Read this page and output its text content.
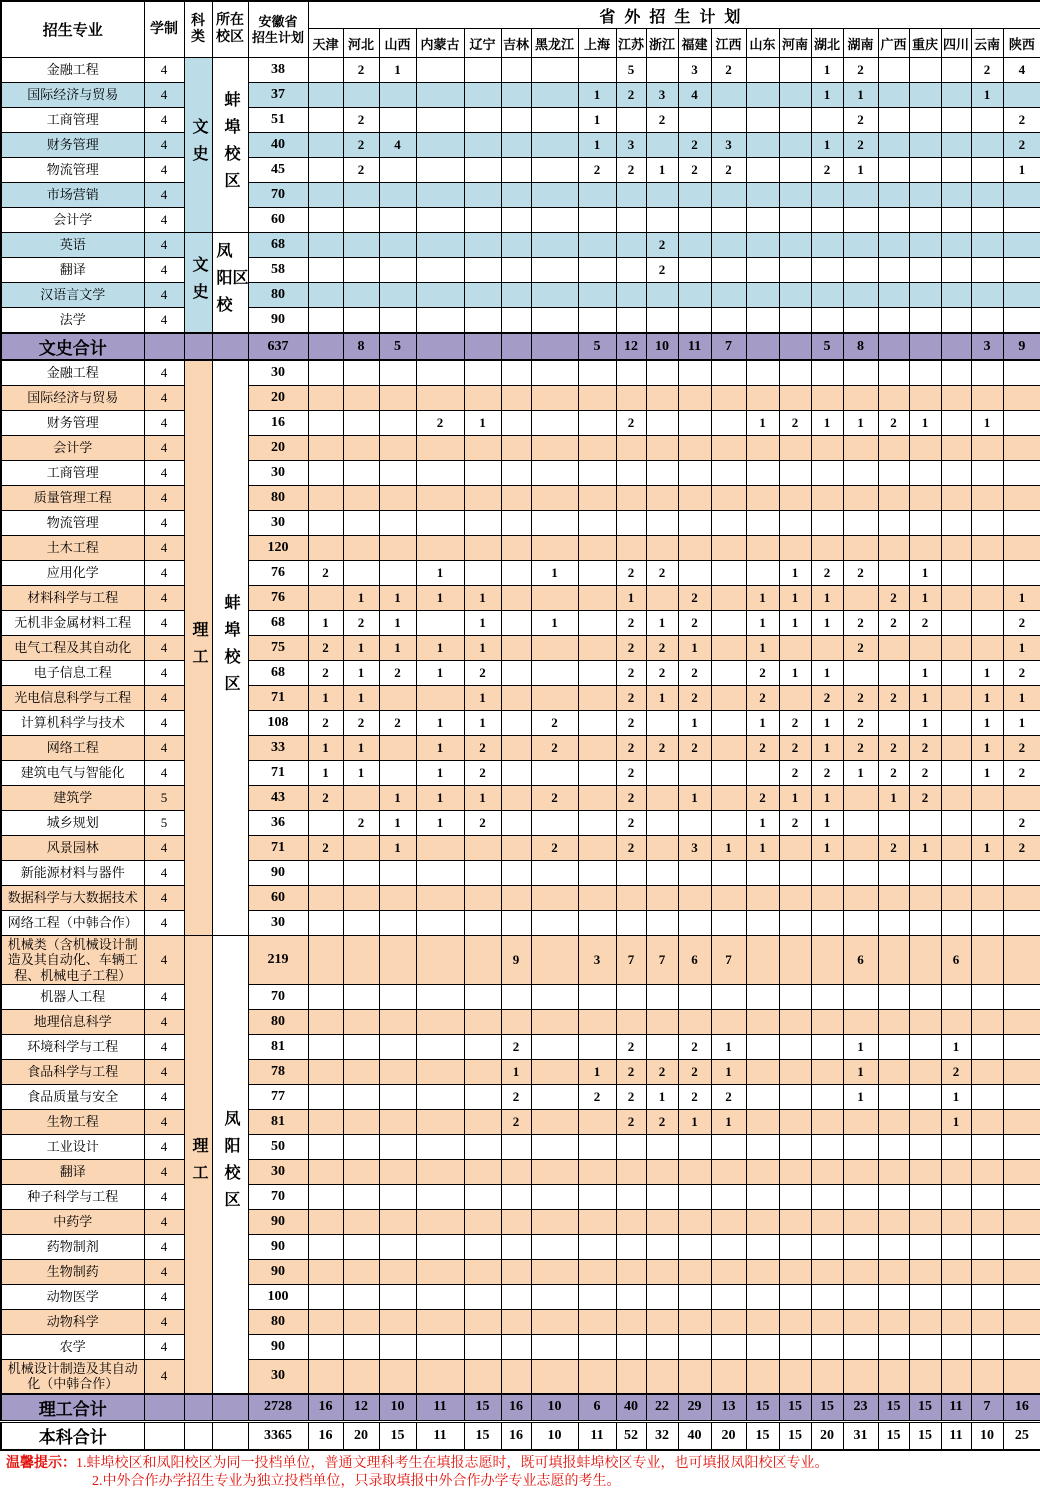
招生专业	学制	科类	所在校区	安徽省
招生计划	省外招生计划																				
					天津	河北	山西	内蒙古	辽宁	吉林	黑龙江	上海	江苏	浙江	福建	江西	山东	河南	湖北	湖南	广西	重庆	四川	云南	陕西
金融工程	4	文史	蚌埠校区	38		2	1						5		3	2			1	2				2	4
国际经济与贸易	4			37								1	2	3	4				1	1				1	
工商管理	4			51		2						1		2						2					2
财务管理	4			40		2	4					1	3		2	3			1	2					2
物流管理	4			45		2						2	2	1	2	2			2	1					1
市场营销	4			70																					
会计学	4			60																					
英语	4	文史	凤阳校区	68										2											
翻译	4			58										2											
汉语言文学	4			80																					
法学	4			90																					
文史合计				637		8	5					5	12	10	11	7			5	8				3	9
金融工程	4	理工	蚌埠校区	30																					
国际经济与贸易	4			20																					
财务管理	4			16				2	1				2				1	2	1	1	2	1		1	
会计学	4			20																					
工商管理	4			30																					
质量管理工程	4			80																					
物流管理	4			30																					
土木工程	4			120																					
应用化学	4			76	2			1			1		2	2				1	2	2		1			
材料科学与工程	4			76		1	1	1	1				1		2		1	1	1		2	1			1
无机非金属材料工程	4			68	1	2	1		1		1		2	1	2		1	1	1	2	2	2			2
电气工程及其自动化	4			75	2	1	1	1	1				2	2	1		1			2					1
电子信息工程	4			68	2	1	2	1	2				2	2	2		2	1	1			1		1	2
光电信息科学与工程	4			71	1	1			1				2	1	2		2		2	2	2	1		1	1
计算机科学与技术	4			108	2	2	2	1	1		2		2		1		1	2	1	2		1		1	1
网络工程	4			33	1	1		1	2		2		2	2	2		2	2	1	2	2	2		1	2
建筑电气与智能化	4			71	1	1		1	2				2					2	2	1	2	2		1	2
建筑学	5			43	2		1	1	1		2		2		1		2	1	1		1	2			
城乡规划	5			36		2	1	1	2				2				1	2	1						2
风景园林	4			71	2		1				2		2		3	1	1		1		2	1		1	2
新能源材料与器件	4			90																					
数据科学与大数据技术	4			60																					
网络工程（中韩合作）	4			30																					
机械类（含机械设计制造及其自动化、车辆工程、机械电子工程）	4	理工	凤阳校区	219						9		3	7	7	6	7				6			6		
机器人工程	4			70																					
地理信息科学	4			80																					
环境科学与工程	4			81						2			2		2	1				1			1		
食品科学与工程	4			78						1		1	2	2	2	1				1			2		
食品质量与安全	4			77						2		2	2	1	2	2				1			1		
生物工程	4			81						2			2	2	1	1							1		
工业设计	4			50																					
翻译	4			30																					
种子科学与工程	4			70																					
中药学	4			90																					
药物制剂	4			90																					
生物制药	4			90																					
动物医学	4			100																					
动物科学	4			80																					
农学	4			90																					
机械设计制造及其自动化（中韩合作）	4			30																					
理工合计				2728	16	12	10	11	15	16	10	6	40	22	29	13	15	15	15	23	15	15	11	7	16
本科合计				3365	16	20	15	11	15	16	10	11	52	32	40	20	15	15	20	31	15	15	11	10	25
温馨提示：1.蚌埠校区和凤阳校区为同一投档单位，普通文理科考生在填报志愿时，既可填报蚌埠校区专业，也可填报凤阳校区专业。
2.中外合作办学招生专业为独立投档单位，只录取填报中外合作办学专业志愿的考生。
